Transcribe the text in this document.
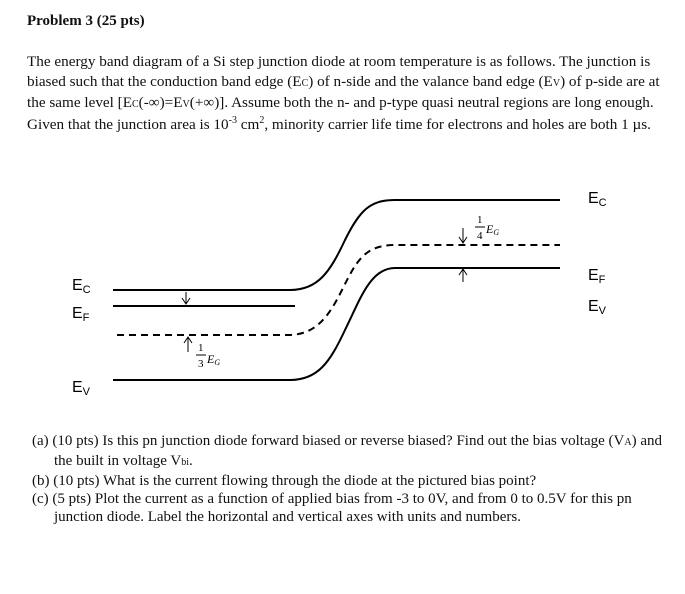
Problem 3 (25 pts)

The energy band diagram of a Si step junction diode at room temperature is as follows. The junction is biased such that the conduction band edge (EC) of n-side and the valance band edge (EV) of p-side are at the same level [EC(-∞)=EV(+∞)]. Assume both the n- and p-type quasi neutral regions are long enough. Given that the junction area is $10^{-3}$ $cm^2$, minority carrier life time for electrons and holes are both 1 µs.

1
3 EG
1
4 EG
EC
EF
EV
EC
EF
EV

(a) (10 pts) Is this pn junction diode forward biased or reverse biased? Find out the bias voltage (VA) and the built in voltage Vbi.

(b) (10 pts) What is the current flowing through the diode at the pictured bias point?

(c) (5 pts) Plot the current as a function of applied bias from -3 to 0V, and from 0 to 0.5V for this pn junction diode. Label the horizontal and vertical axes with units and numbers.
